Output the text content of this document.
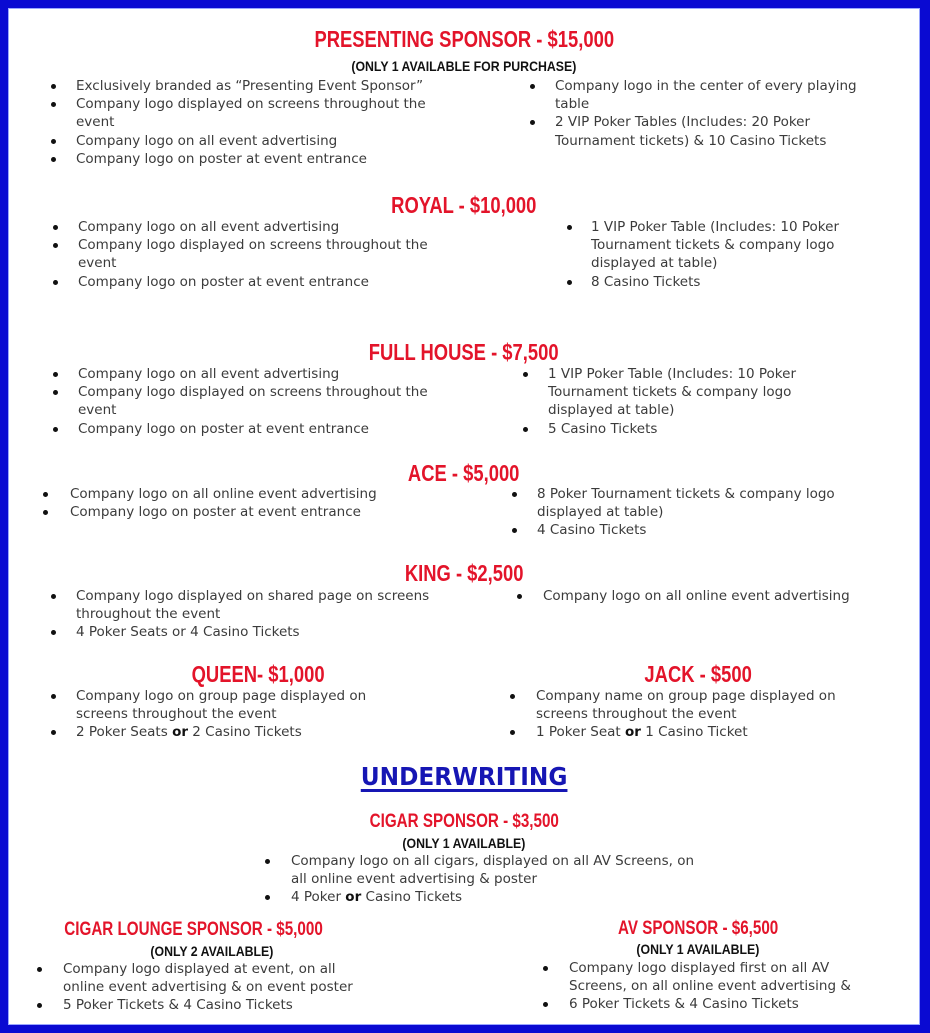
PRESENTING SPONSOR - $15,000
(ONLY 1 AVAILABLE FOR PURCHASE)
Exclusively branded as “Presenting Event Sponsor”
Company logo displayed on screens throughout the
event
Company logo on all event advertising
Company logo on poster at event entrance
Company logo in the center of every playing
table
2 VIP Poker Tables (Includes: 20 Poker
Tournament tickets) & 10 Casino Tickets
ROYAL - $10,000
Company logo on all event advertising
Company logo displayed on screens throughout the
event
Company logo on poster at event entrance
1 VIP Poker Table (Includes: 10 Poker
Tournament tickets & company logo
displayed at table)
8 Casino Tickets
FULL HOUSE - $7,500
Company logo on all event advertising
Company logo displayed on screens throughout the
event
Company logo on poster at event entrance
1 VIP Poker Table (Includes: 10 Poker
Tournament tickets & company logo
displayed at table)
5 Casino Tickets
ACE - $5,000
Company logo on all online event advertising
Company logo on poster at event entrance
8 Poker Tournament tickets & company logo
displayed at table)
4 Casino Tickets
KING - $2,500
Company logo displayed on shared page on screens
throughout the event
4 Poker Seats or 4 Casino Tickets
Company logo on all online event advertising
QUEEN- $1,000
Company logo on group page displayed on
screens throughout the event
2 Poker Seats or 2 Casino Tickets
JACK - $500
Company name on group page displayed on
screens throughout the event
1 Poker Seat or 1 Casino Ticket
UNDERWRITING
CIGAR SPONSOR - $3,500
(ONLY 1 AVAILABLE)
Company logo on all cigars, displayed on all AV Screens, on
all online event advertising & poster
4 Poker or Casino Tickets
CIGAR LOUNGE SPONSOR - $5,000
(ONLY 2 AVAILABLE)
Company logo displayed at event, on all
online event advertising & on event poster
5 Poker Tickets & 4 Casino Tickets
AV SPONSOR - $6,500
(ONLY 1 AVAILABLE)
Company logo displayed first on all AV
Screens, on all online event advertising &
6 Poker Tickets & 4 Casino Tickets
